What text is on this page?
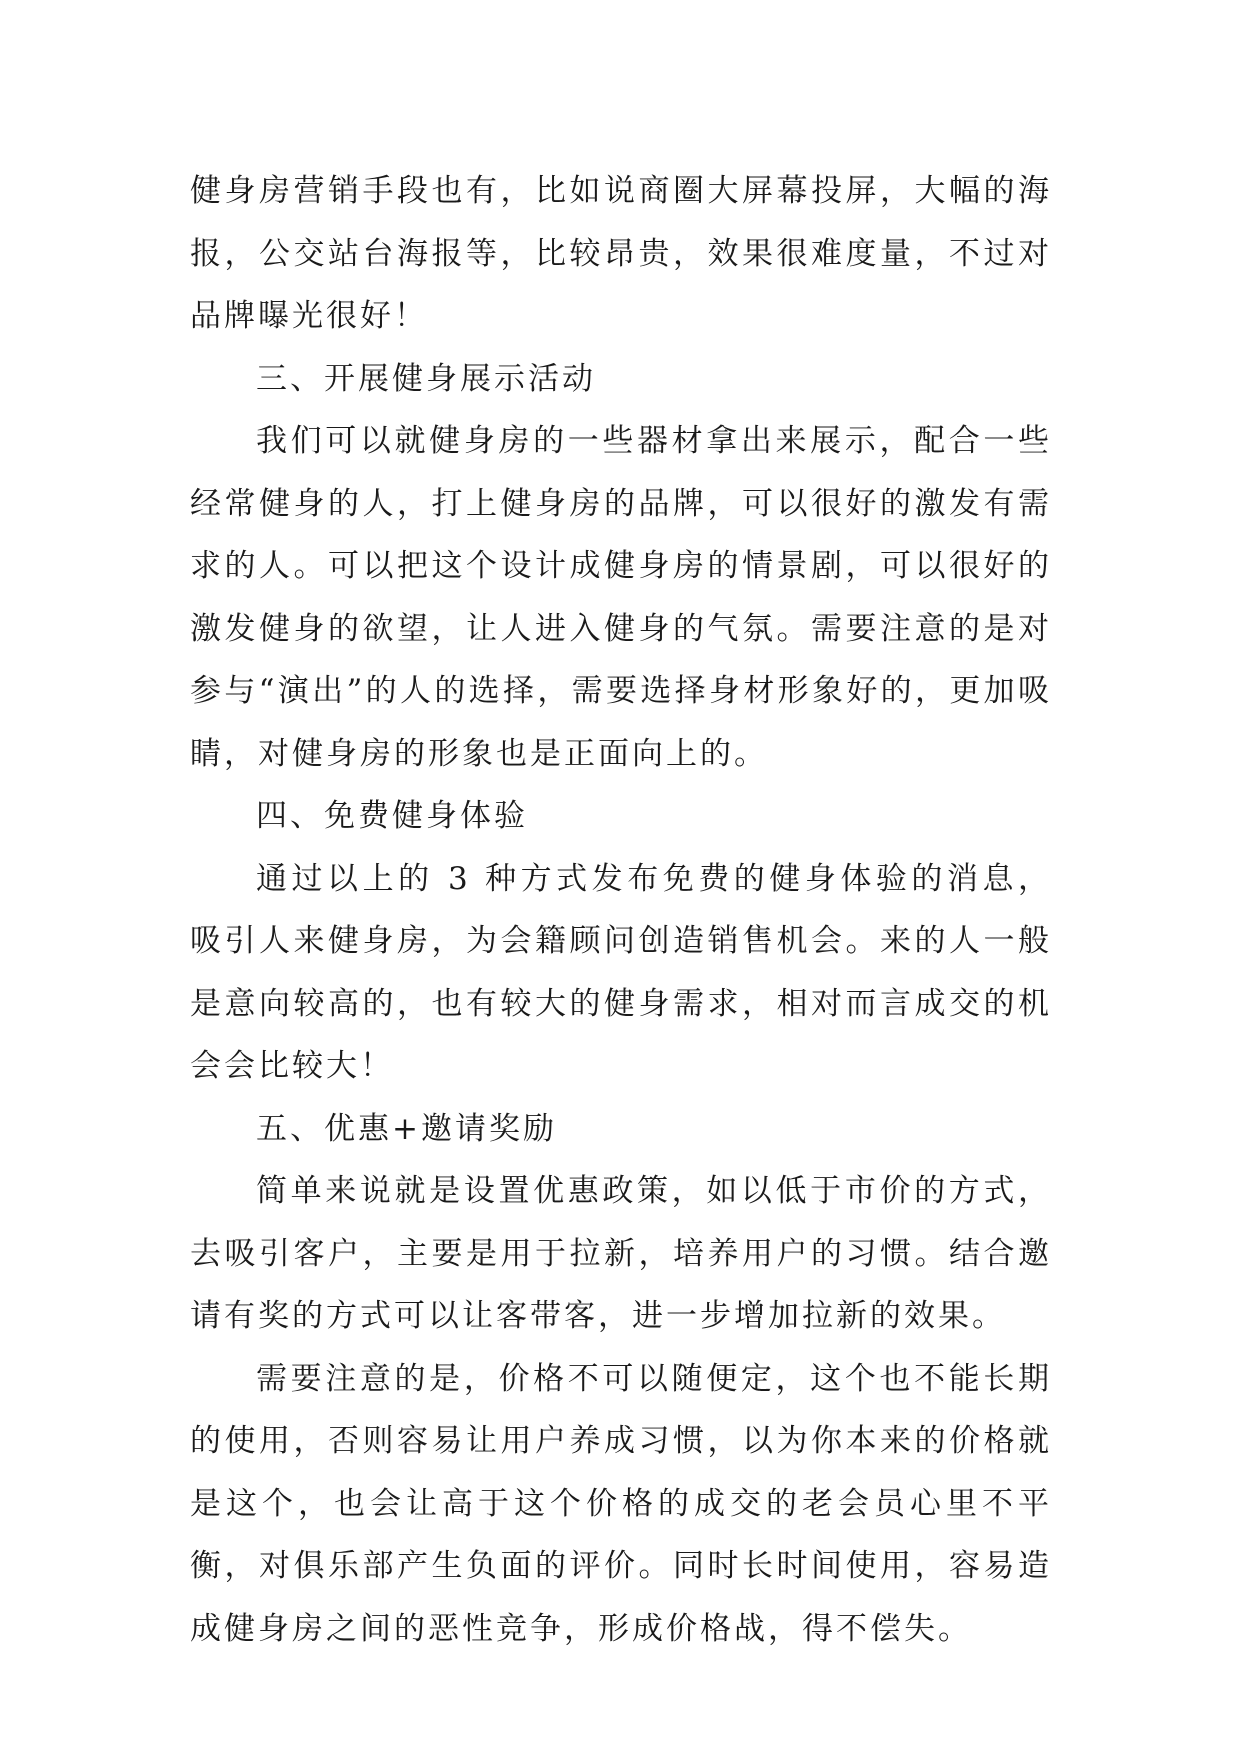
健身房营销手段也有，比如说商圈大屏幕投屏，大幅的海报，公交站台海报等，比较昂贵，效果很难度量，不过对品牌曝光很好！

三、开展健身展示活动

我们可以就健身房的一些器材拿出来展示，配合一些经常健身的人，打上健身房的品牌，可以很好的激发有需求的人。可以把这个设计成健身房的情景剧，可以很好的激发健身的欲望，让人进入健身的气氛。需要注意的是对参与“演出”的人的选择，需要选择身材形象好的，更加吸睛，对健身房的形象也是正面向上的。

四、免费健身体验

通过以上的 3 种方式发布免费的健身体验的消息，吸引人来健身房，为会籍顾问创造销售机会。来的人一般是意向较高的，也有较大的健身需求，相对而言成交的机会会比较大！

五、优惠+邀请奖励

简单来说就是设置优惠政策，如以低于市价的方式，去吸引客户，主要是用于拉新，培养用户的习惯。结合邀请有奖的方式可以让客带客，进一步增加拉新的效果。

需要注意的是，价格不可以随便定，这个也不能长期的使用，否则容易让用户养成习惯，以为你本来的价格就是这个，也会让高于这个价格的成交的老会员心里不平衡，对俱乐部产生负面的评价。同时长时间使用，容易造成健身房之间的恶性竞争，形成价格战，得不偿失。
